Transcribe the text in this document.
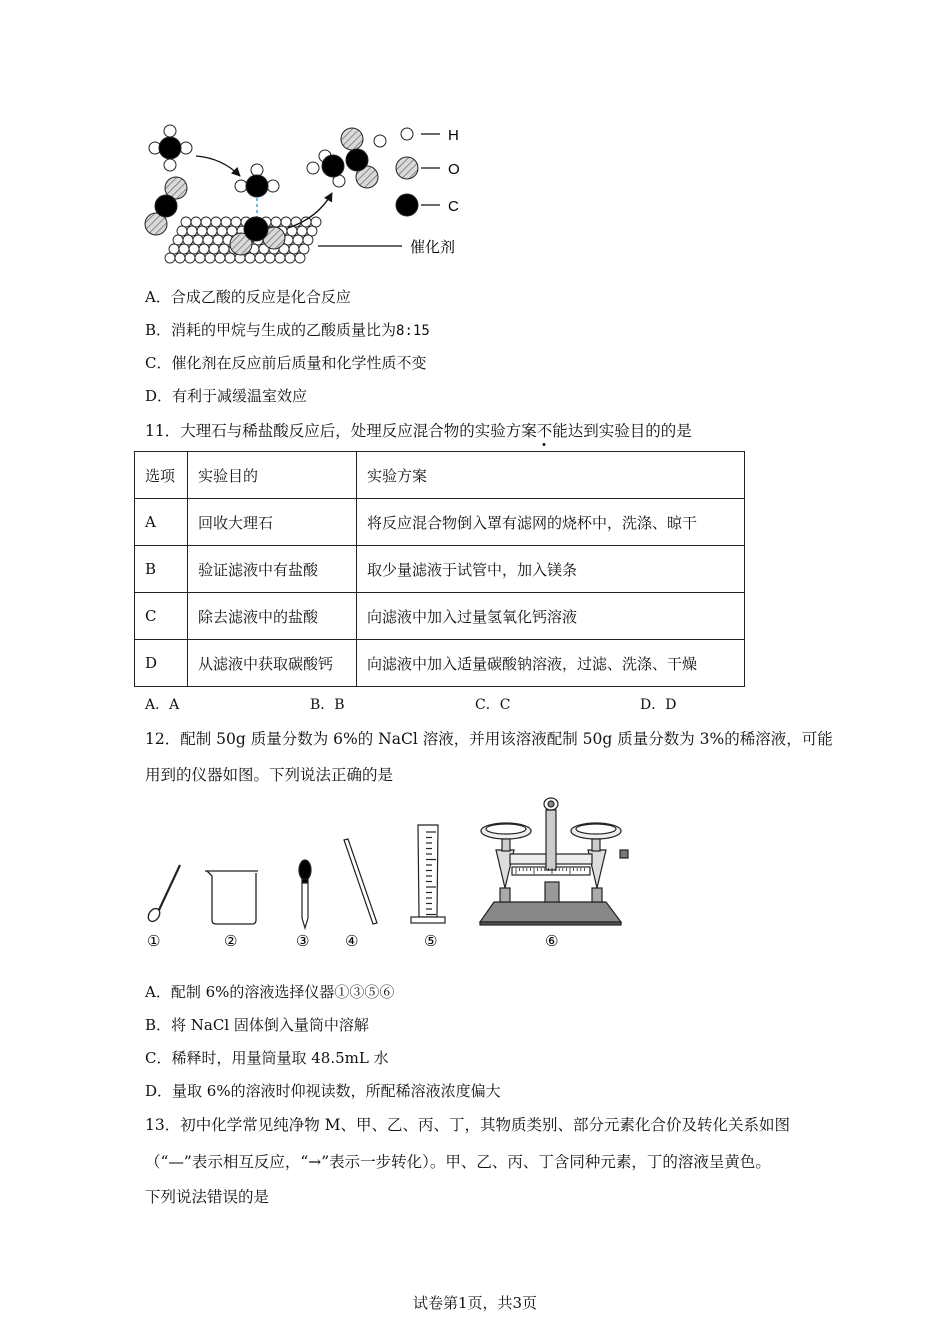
H
O
C
催化剂
A．合成乙酸的反应是化合反应
B．消耗的甲烷与生成的乙酸质量比为8:15
C．催化剂在反应前后质量和化学性质不变
D．有利于减缓温室效应
11．大理石与稀盐酸反应后，处理反应混合物的实验方案不能达到实验目的的是
选项	实验目的	实验方案
A	回收大理石	将反应混合物倒入罩有滤网的烧杯中，洗涤、晾干
B	验证滤液中有盐酸	取少量滤液于试管中，加入镁条
C	除去滤液中的盐酸	向滤液中加入过量氢氧化钙溶液
D	从滤液中获取碳酸钙	向滤液中加入适量碳酸钠溶液，过滤、洗涤、干燥
A．A	B．B	C．C	D．D
12．配制 50g 质量分数为 6%的 NaCl 溶液，并用该溶液配制 50g 质量分数为 3%的稀溶液，可能
用到的仪器如图。下列说法正确的是
①	②	③ ④	⑤	⑥
A．配制 6%的溶液选择仪器①③⑤⑥
B．将 NaCl 固体倒入量筒中溶解
C．稀释时，用量筒量取 48.5mL 水
D．量取 6%的溶液时仰视读数，所配稀溶液浓度偏大
13．初中化学常见纯净物 M、甲、乙、丙、丁，其物质类别、部分元素化合价及转化关系如图
（“—”表示相互反应，“→”表示一步转化）。甲、乙、丙、丁含同种元素，丁的溶液呈黄色。
下列说法错误的是
试卷第1页，共3页
